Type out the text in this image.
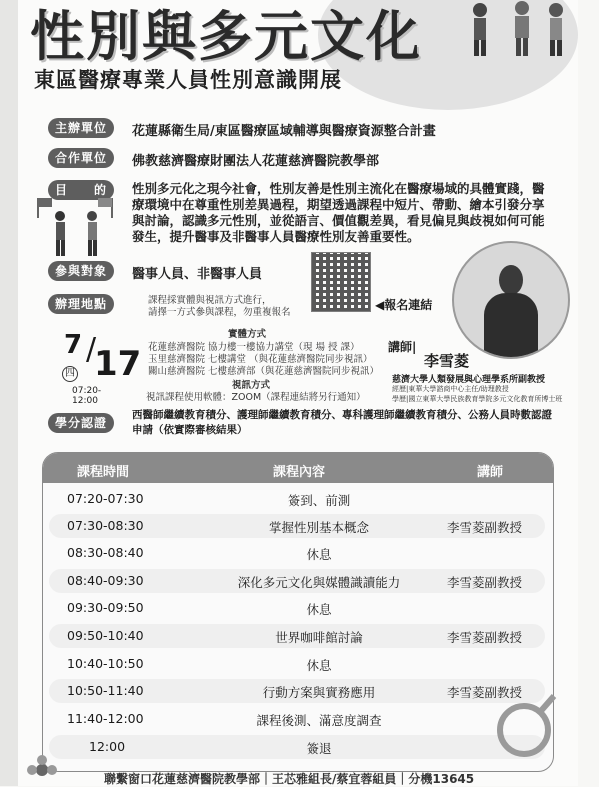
性別與多元文化
東區醫療專業人員性別意識開展
主辦單位	花蓮縣衛生局/東區醫療區域輔導與醫療資源整合計畫
合作單位	佛教慈濟醫療財團法人花蓮慈濟醫院教學部
目　　的	性別多元化之現今社會，性別友善是性別主流化在醫療場域的具體實踐，醫療環境中在尊重性別差異過程，期望透過課程中短片、帶動、繪本引發分享與討論，認識多元性別，並從語言、價值觀差異，看見偏見與歧視如何可能發生，提升醫事及非醫事人員醫療性別友善重要性。
參與對象	醫事人員、非醫事人員
◀報名連結
辦理地點	課程採實體與視訊方式進行，
請擇一方式參與課程，勿重複報名
7 /
17
四
07:20-12:00
實體方式
花蓮慈濟醫院 協力樓一樓協力講堂（現 場 授 課）
玉里慈濟醫院 七樓講堂 （與花蓮慈濟醫院同步視訊）
關山慈濟醫院 七樓慈濟部（與花蓮慈濟醫院同步視訊）
視訊方式
視訊課程使用軟體：ZOOM（課程連結將另行通知）
講師|
李雪菱
慈濟大學人類發展與心理學系所副教授
經歷|東華大學諮商中心主任/助理教授
學歷|國立東華大學民族教育學院多元文化教育所博士班
學分認證
西醫師繼續教育積分、護理師繼續教育積分、專科護理師繼續教育積分、公務人員時數認證申請（依實際審核結果）
課程時間	課程內容	講師
07:20-07:30	簽到、前測
07:30-08:30	掌握性別基本概念	李雪菱副教授
08:30-08:40	休息
08:40-09:30	深化多元文化與媒體識讀能力	李雪菱副教授
09:30-09:50	休息
09:50-10:40	世界咖啡館討論	李雪菱副教授
10:40-10:50	休息
10:50-11:40	行動方案與實務應用	李雪菱副教授
11:40-12:00	課程後測、滿意度調查
12:00	簽退
聯繫窗口花蓮慈濟醫院教學部｜王芯雅組長/蔡宜蓉組員｜分機13645
